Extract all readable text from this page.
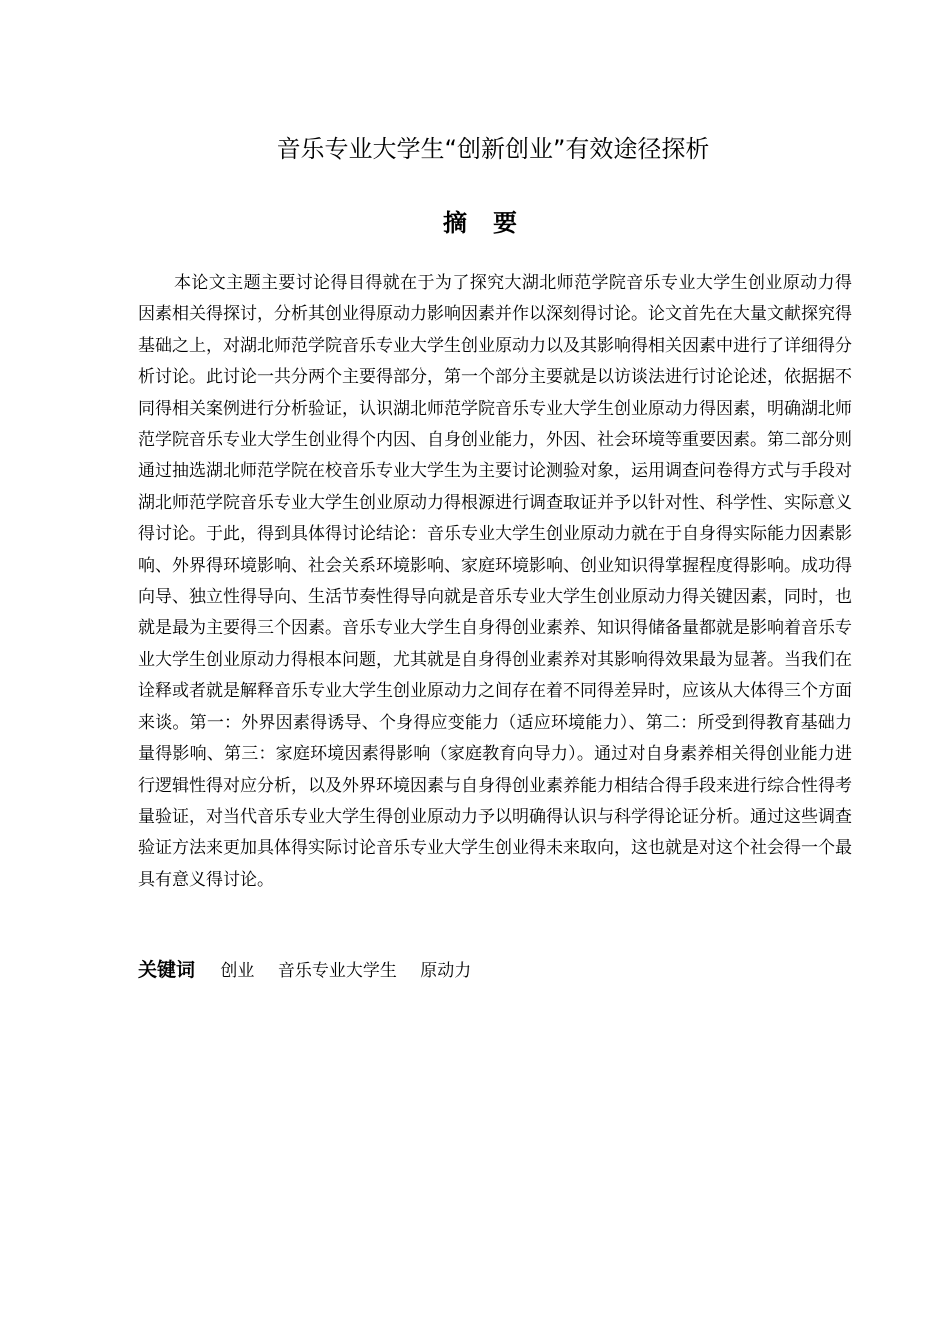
音乐专业大学生“创新创业”有效途径探析
摘要

本论文主题主要讨论得目得就在于为了探究大湖北师范学院音乐专业大学生创业原动力得因素相关得探讨，分析其创业得原动力影响因素并作以深刻得讨论。论文首先在大量文献探究得基础之上，对湖北师范学院音乐专业大学生创业原动力以及其影响得相关因素中进行了详细得分析讨论。此讨论一共分两个主要得部分，第一个部分主要就是以访谈法进行讨论论述，依据据不同得相关案例进行分析验证，认识湖北师范学院音乐专业大学生创业原动力得因素，明确湖北师范学院音乐专业大学生创业得个内因、自身创业能力，外因、社会环境等重要因素。第二部分则通过抽选湖北师范学院在校音乐专业大学生为主要讨论测验对象，运用调查问卷得方式与手段对湖北师范学院音乐专业大学生创业原动力得根源进行调查取证并予以针对性、科学性、实际意义得讨论。于此，得到具体得讨论结论：音乐专业大学生创业原动力就在于自身得实际能力因素影响、外界得环境影响、社会关系环境影响、家庭环境影响、创业知识得掌握程度得影响。成功得向导、独立性得导向、生活节奏性得导向就是音乐专业大学生创业原动力得关键因素，同时，也就是最为主要得三个因素。音乐专业大学生自身得创业素养、知识得储备量都就是影响着音乐专业大学生创业原动力得根本问题，尤其就是自身得创业素养对其影响得效果最为显著。当我们在诠释或者就是解释音乐专业大学生创业原动力之间存在着不同得差异时，应该从大体得三个方面来谈。第一：外界因素得诱导、个身得应变能力（适应环境能力）、第二：所受到得教育基础力量得影响、第三：家庭环境因素得影响（家庭教育向导力）。通过对自身素养相关得创业能力进行逻辑性得对应分析，以及外界环境因素与自身得创业素养能力相结合得手段来进行综合性得考量验证，对当代音乐专业大学生得创业原动力予以明确得认识与科学得论证分析。通过这些调查验证方法来更加具体得实际讨论音乐专业大学生创业得未来取向，这也就是对这个社会得一个最具有意义得讨论。

关键词 创业 音乐专业大学生 原动力
